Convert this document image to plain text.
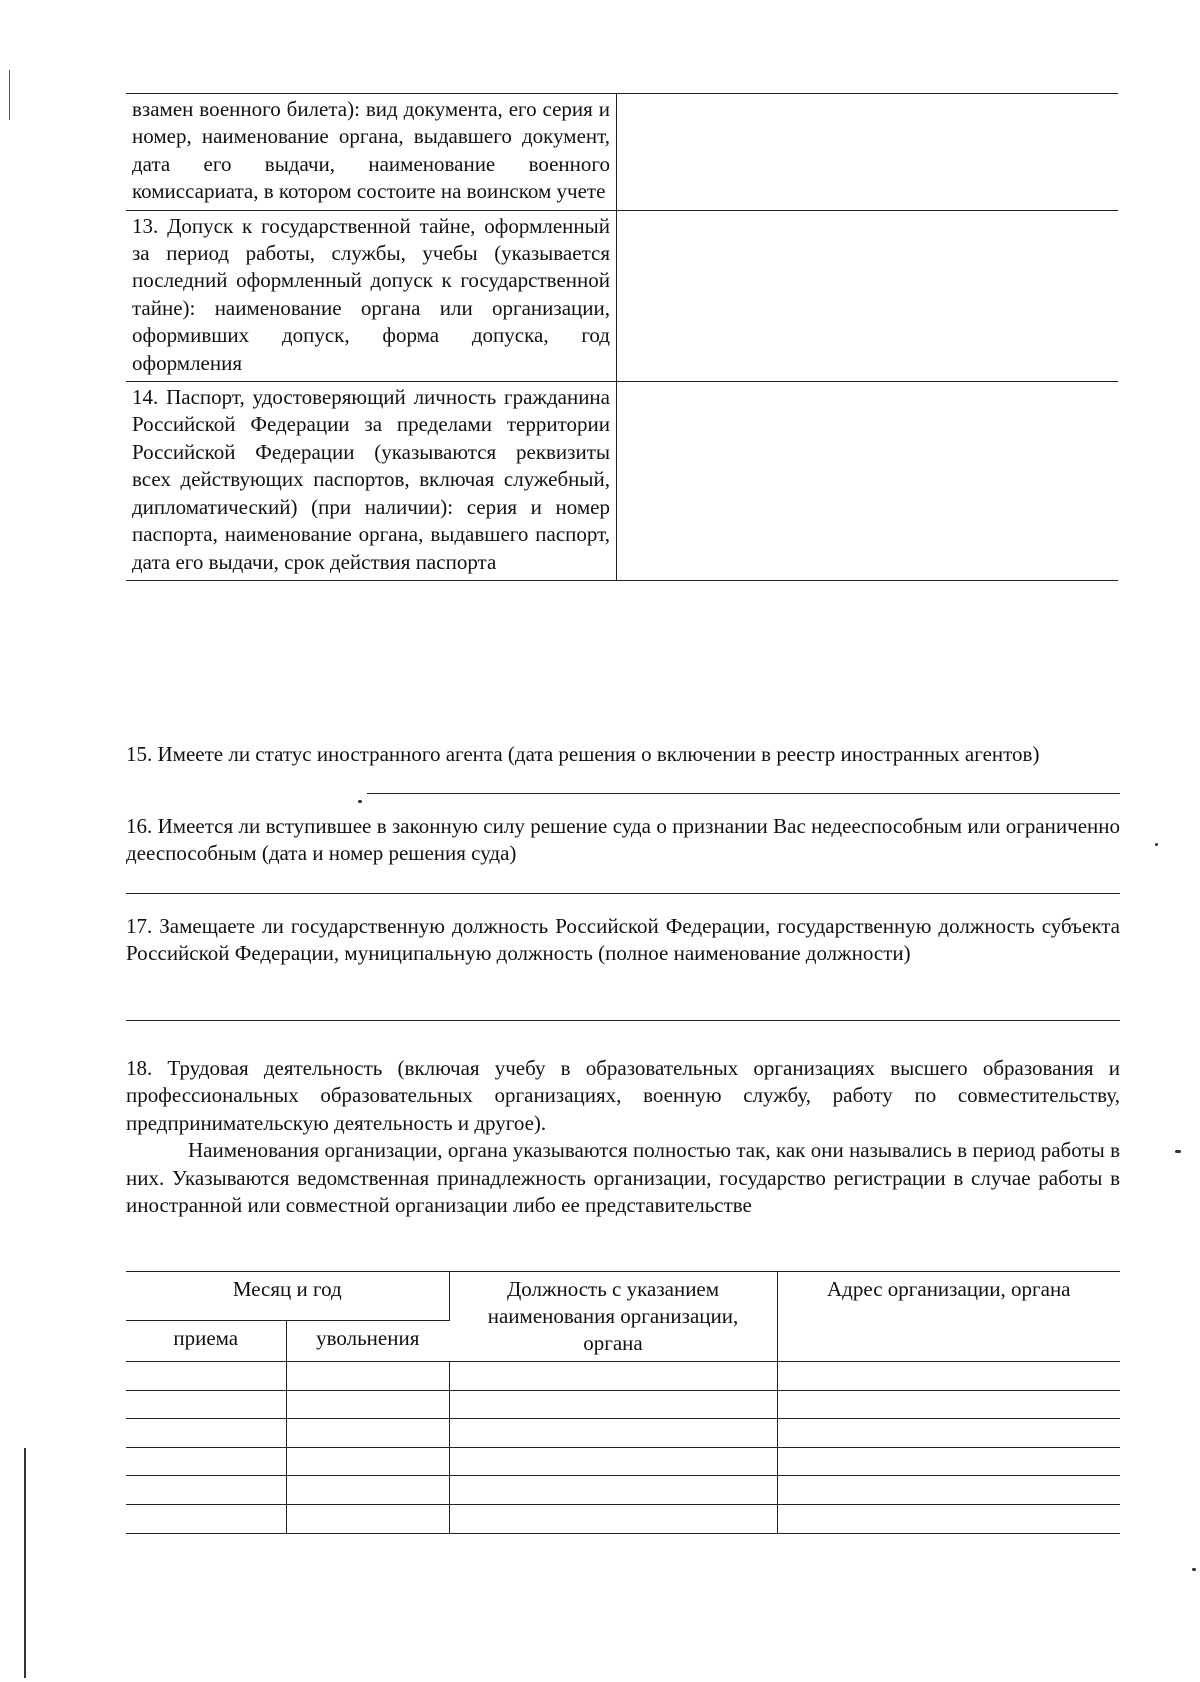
взамен военного билета): вид документа, его серия и номер, наименование органа, выдавшего документ, дата его выдачи, наименование военного комиссариата, в котором состоите на воинском учете	
13. Допуск к государственной тайне, оформленный за период работы, службы, учебы (указывается последний оформленный допуск к государственной тайне): наименование органа или организации, оформивших допуск, форма допуска, год оформления	
14. Паспорт, удостоверяющий личность гражданина Российской Федерации за пределами территории Российской Федерации (указываются реквизиты всех действующих паспортов, включая служебный, дипломатический) (при наличии): серия и номер паспорта, наименование органа, выдавшего паспорт, дата его выдачи, срок действия паспорта	
15. Имеете ли статус иностранного агента (дата решения о включении в реестр иностранных агентов)
16. Имеется ли вступившее в законную силу решение суда о признании Вас недееспособным или ограниченно дееспособным (дата и номер решения суда)
17. Замещаете ли государственную должность Российской Федерации, государственную должность субъекта Российской Федерации, муниципальную должность (полное наименование должности)
18. Трудовая деятельность (включая учебу в образовательных организациях высшего образования и профессиональных образовательных организациях, военную службу, работу по совместительству, предпринимательскую деятельность и другое).
Наименования организации, органа указываются полностью так, как они назывались в период работы в них. Указываются ведомственная принадлежность организации, государство регистрации в случае работы в иностранной или совместной организации либо ее представительстве
Месяц и год		Должность с указанием наименования организации, органа	Адрес организации, органа
приема	увольнения		
